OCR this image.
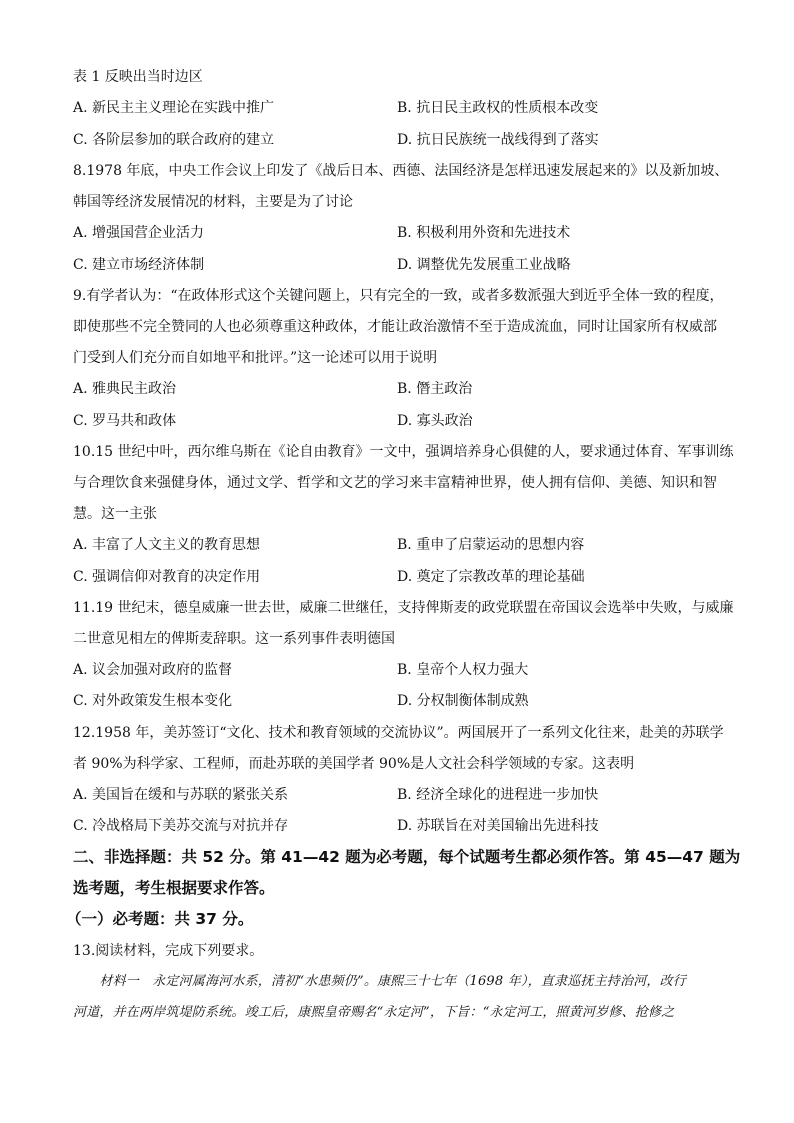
表 1 反映出当时边区
A. 新民主主义理论在实践中推广	B. 抗日民主政权的性质根本改变
C. 各阶层参加的联合政府的建立	D. 抗日民族统一战线得到了落实
8.1978 年底，中央工作会议上印发了《战后日本、西德、法国经济是怎样迅速发展起来的》以及新加坡、
韩国等经济发展情况的材料，主要是为了讨论
A. 增强国营企业活力	B. 积极利用外资和先进技术
C. 建立市场经济体制	D. 调整优先发展重工业战略
9.有学者认为：“在政体形式这个关键问题上，只有完全的一致，或者多数派强大到近乎全体一致的程度，
即使那些不完全赞同的人也必须尊重这种政体，才能让政治激情不至于造成流血，同时让国家所有权威部
门受到人们充分而自如地平和批评。”这一论述可以用于说明
A. 雅典民主政治	B. 僭主政治
C. 罗马共和政体	D. 寡头政治
10.15 世纪中叶，西尔维乌斯在《论自由教育》一文中，强调培养身心俱健的人，要求通过体育、军事训练
与合理饮食来强健身体，通过文学、哲学和文艺的学习来丰富精神世界，使人拥有信仰、美德、知识和智
慧。这一主张
A. 丰富了人文主义的教育思想	B. 重申了启蒙运动的思想内容
C. 强调信仰对教育的决定作用	D. 奠定了宗教改革的理论基础
11.19 世纪末，德皇威廉一世去世，威廉二世继任，支持俾斯麦的政党联盟在帝国议会选举中失败，与威廉
二世意见相左的俾斯麦辞职。这一系列事件表明德国
A. 议会加强对政府的监督	B. 皇帝个人权力强大
C. 对外政策发生根本变化	D. 分权制衡体制成熟
12.1958 年，美苏签订“文化、技术和教育领域的交流协议”。两国展开了一系列文化往来，赴美的苏联学
者 90%为科学家、工程师，而赴苏联的美国学者 90%是人文社会科学领域的专家。这表明
A. 美国旨在缓和与苏联的紧张关系	B. 经济全球化的进程进一步加快
C. 冷战格局下美苏交流与对抗并存	D. 苏联旨在对美国输出先进科技
二、非选择题：共 52 分。第 41—42 题为必考题，每个试题考生都必须作答。第 45—47 题为
选考题，考生根据要求作答。
（一）必考题：共 37 分。
13.阅读材料，完成下列要求。
　　材料一　永定河属海河水系，清初“水患频仍”。康熙三十七年（1698 年），直隶巡抚主持治河，改行
河道，并在两岸筑堤防系统。竣工后，康熙皇帝赐名“永定河”，下旨：“永定河工，照黄河岁修、抢修之
